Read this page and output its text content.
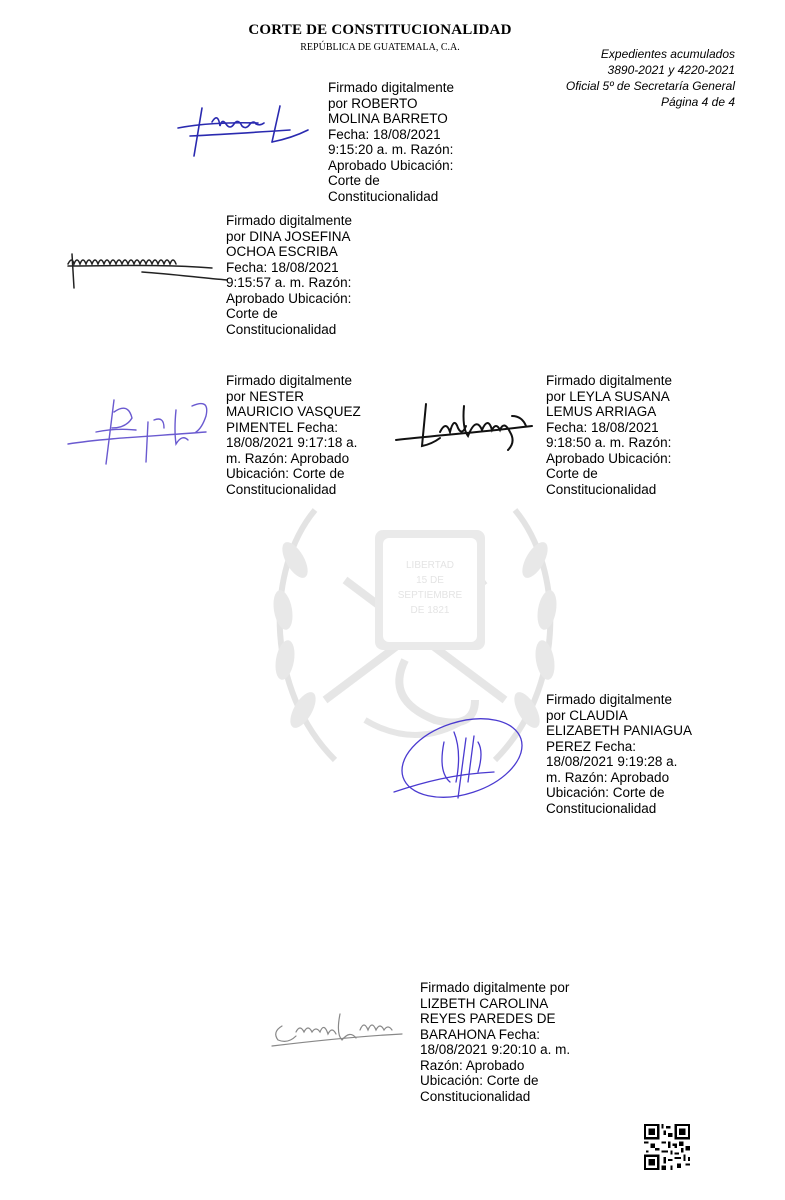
CORTE DE CONSTITUCIONALIDAD
REPÚBLICA DE GUATEMALA, C.A.	Expedientes acumulados
3890-2021 y 4220-2021
Oficial 5º de Secretaría General
Página 4 de 4
LIBERTAD
15 DE
SEPTIEMBRE
DE 1821
Firmado digitalmente
por ROBERTO
MOLINA BARRETO
Fecha: 18/08/2021
9:15:20 a. m. Razón:
Aprobado Ubicación:
Corte de
Constitucionalidad
Firmado digitalmente
por DINA JOSEFINA
OCHOA ESCRIBA
Fecha: 18/08/2021
9:15:57 a. m. Razón:
Aprobado Ubicación:
Corte de
Constitucionalidad
Firmado digitalmente
por NESTER
MAURICIO VASQUEZ
PIMENTEL Fecha:
18/08/2021 9:17:18 a.
m. Razón: Aprobado
Ubicación: Corte de
Constitucionalidad
Firmado digitalmente
por LEYLA SUSANA
LEMUS ARRIAGA
Fecha: 18/08/2021
9:18:50 a. m. Razón:
Aprobado Ubicación:
Corte de
Constitucionalidad
Firmado digitalmente
por CLAUDIA
ELIZABETH PANIAGUA
PEREZ Fecha:
18/08/2021 9:19:28 a.
m. Razón: Aprobado
Ubicación: Corte de
Constitucionalidad
Firmado digitalmente por
LIZBETH CAROLINA
REYES PAREDES DE
BARAHONA Fecha:
18/08/2021 9:20:10 a. m.
Razón: Aprobado
Ubicación: Corte de
Constitucionalidad
